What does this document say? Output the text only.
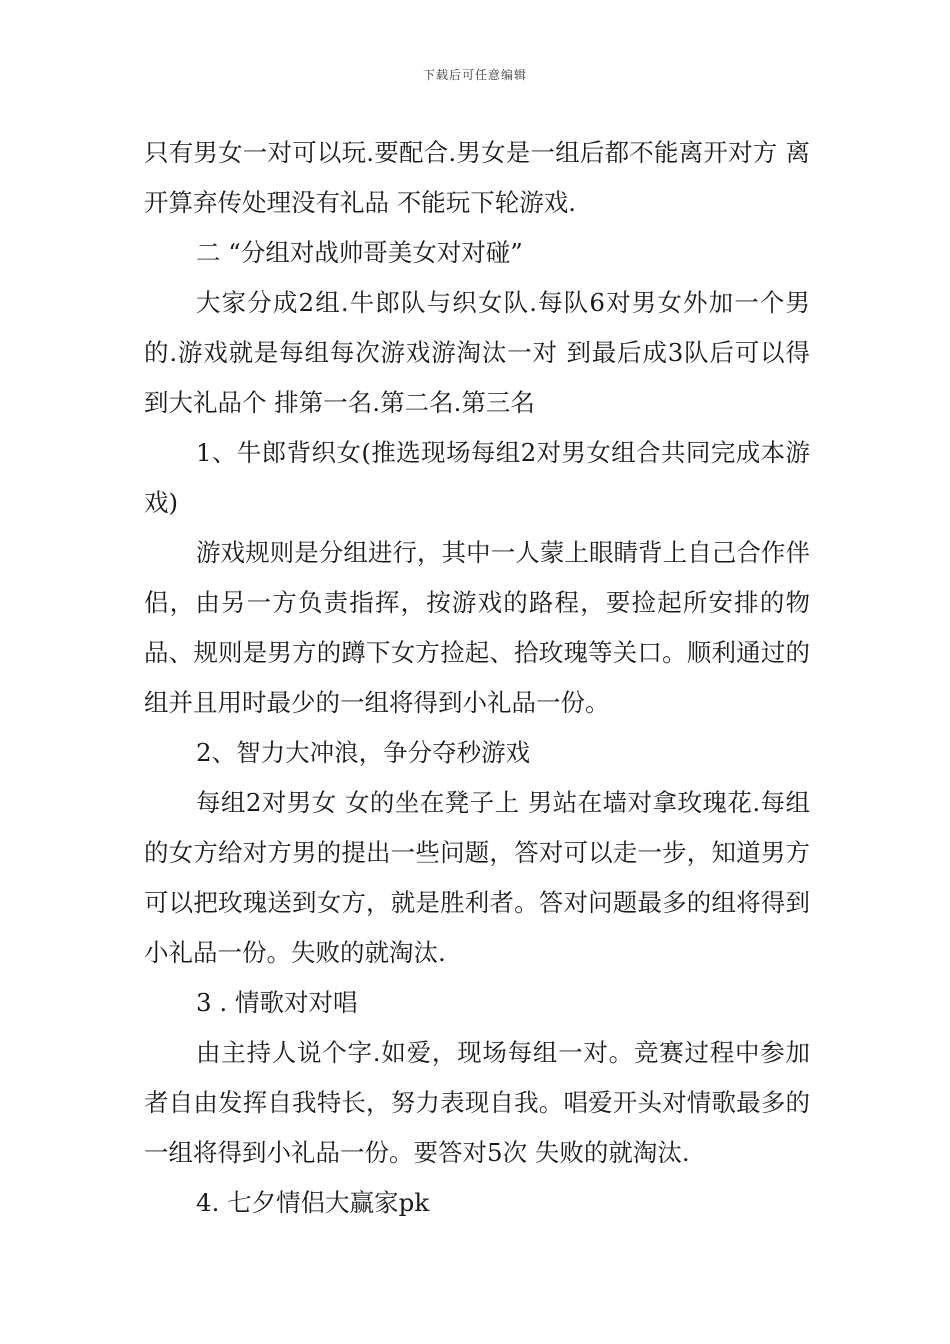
下载后可任意编辑

只有男女一对可以玩.要配合.男女是一组后都不能离开对方 离开算弃传处理没有礼品 不能玩下轮游戏.

二 “分组对战帅哥美女对对碰”

大家分成2组.牛郎队与织女队.每队6对男女外加一个男的.游戏就是每组每次游戏游淘汰一对 到最后成3队后可以得到大礼品个 排第一名.第二名.第三名

1、牛郎背织女(推选现场每组2对男女组合共同完成本游戏)

游戏规则是分组进行，其中一人蒙上眼睛背上自己合作伴侣，由另一方负责指挥，按游戏的路程，要捡起所安排的物品、规则是男方的蹲下女方捡起、拾玫瑰等关口。顺利通过的组并且用时最少的一组将得到小礼品一份。

2、智力大冲浪，争分夺秒游戏

每组2对男女 女的坐在凳子上 男站在墙对拿玫瑰花.每组的女方给对方男的提出一些问题，答对可以走一步，知道男方可以把玫瑰送到女方，就是胜利者。答对问题最多的组将得到小礼品一份。失败的就淘汰.

3 . 情歌对对唱

由主持人说个字.如爱，现场每组一对。竞赛过程中参加者自由发挥自我特长，努力表现自我。唱爱开头对情歌最多的一组将得到小礼品一份。要答对5次 失败的就淘汰.

4. 七夕情侣大赢家pk
